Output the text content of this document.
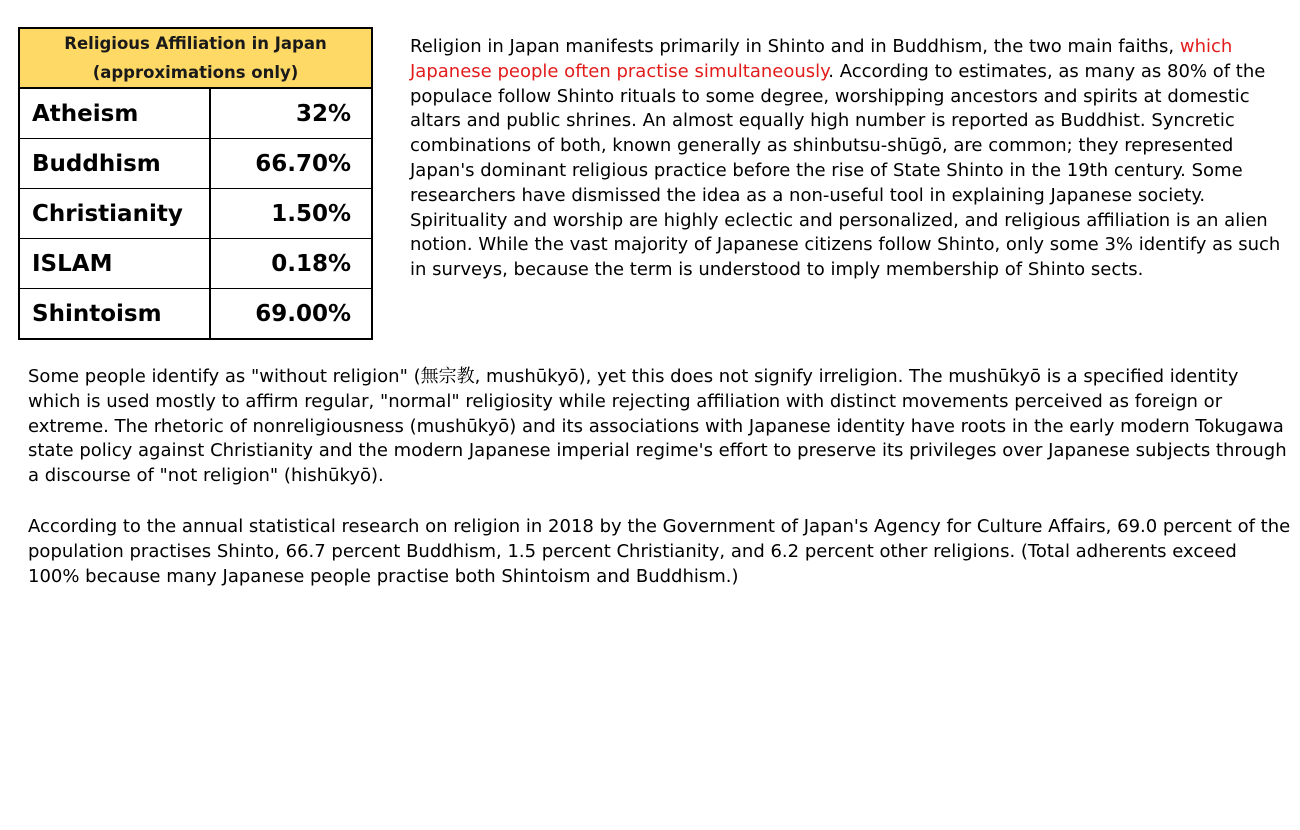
Religious Affiliation in Japan
(approximations only)	

Atheism	32%
Buddhism	66.70%
Christianity	1.50%
ISLAM	0.18%
Shintoism	69.00%

Religion in Japan manifests primarily in Shinto and in Buddhism, the two main faiths, which Japanese people often practise simultaneously. According to estimates, as many as 80% of the populace follow Shinto rituals to some degree, worshipping ancestors and spirits at domestic altars and public shrines. An almost equally high number is reported as Buddhist. Syncretic combinations of both, known generally as shinbutsu-shūgō, are common; they represented Japan's dominant religious practice before the rise of State Shinto in the 19th century. Some researchers have dismissed the idea as a non-useful tool in explaining Japanese society. Spirituality and worship are highly eclectic and personalized, and religious affiliation is an alien notion. While the vast majority of Japanese citizens follow Shinto, only some 3% identify as such in surveys, because the term is understood to imply membership of Shinto sects.

Some people identify as "without religion" (無宗教, mushūkyō), yet this does not signify irreligion. The mushūkyō is a specified identity which is used mostly to affirm regular, "normal" religiosity while rejecting affiliation with distinct movements perceived as foreign or extreme. The rhetoric of nonreligiousness (mushūkyō) and its associations with Japanese identity have roots in the early modern Tokugawa state policy against Christianity and the modern Japanese imperial regime's effort to preserve its privileges over Japanese subjects through a discourse of "not religion" (hishūkyō).

According to the annual statistical research on religion in 2018 by the Government of Japan's Agency for Culture Affairs, 69.0 percent of the population practises Shinto, 66.7 percent Buddhism, 1.5 percent Christianity, and 6.2 percent other religions. (Total adherents exceed 100% because many Japanese people practise both Shintoism and Buddhism.)
